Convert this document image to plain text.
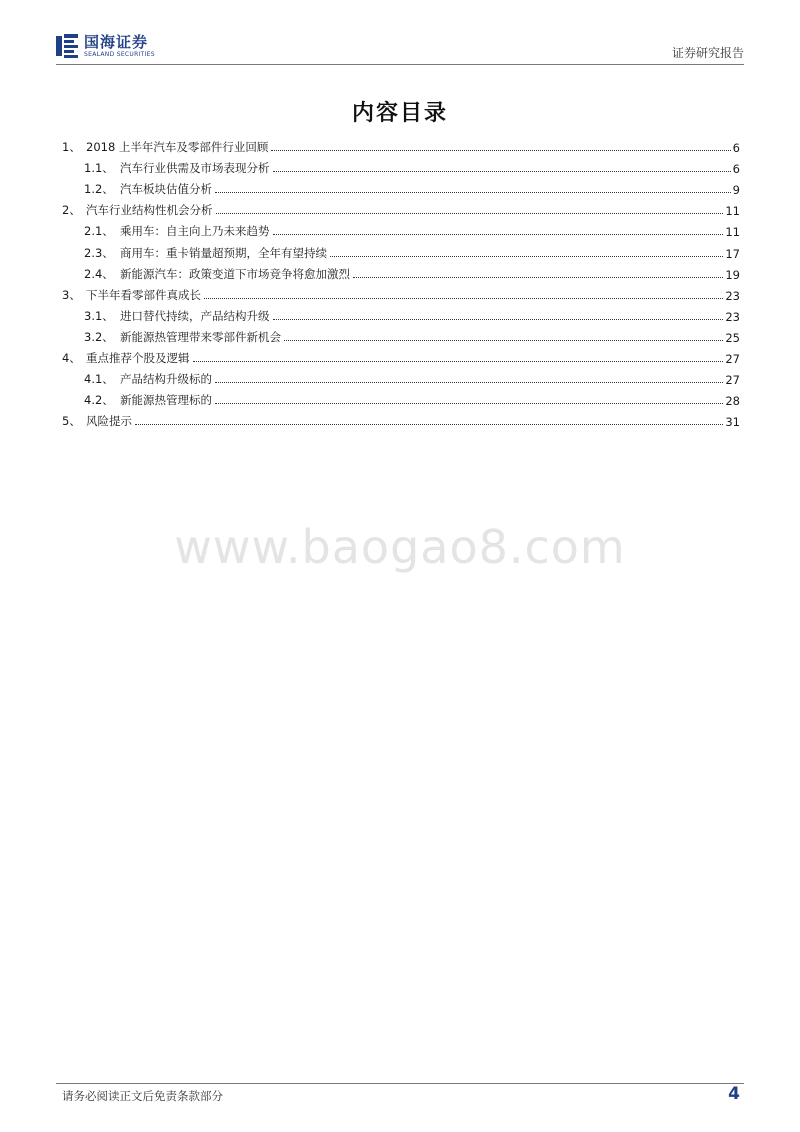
国海证券
SEALAND SECURITIES	证券研究报告
内容目录
1、 2018 上半年汽车及零部件行业回顾	6
1.1、 汽车行业供需及市场表现分析	6
1.2、 汽车板块估值分析	9
2、 汽车行业结构性机会分析	11
2.1、 乘用车：自主向上乃未来趋势	11
2.3、 商用车：重卡销量超预期，全年有望持续	17
2.4、 新能源汽车：政策变道下市场竞争将愈加激烈	19
3、 下半年看零部件真成长	23
3.1、 进口替代持续，产品结构升级	23
3.2、 新能源热管理带来零部件新机会	25
4、 重点推荐个股及逻辑	27
4.1、 产品结构升级标的	27
4.2、 新能源热管理标的	28
5、 风险提示	31
www.baogao8.com
请务必阅读正文后免责条款部分	4
